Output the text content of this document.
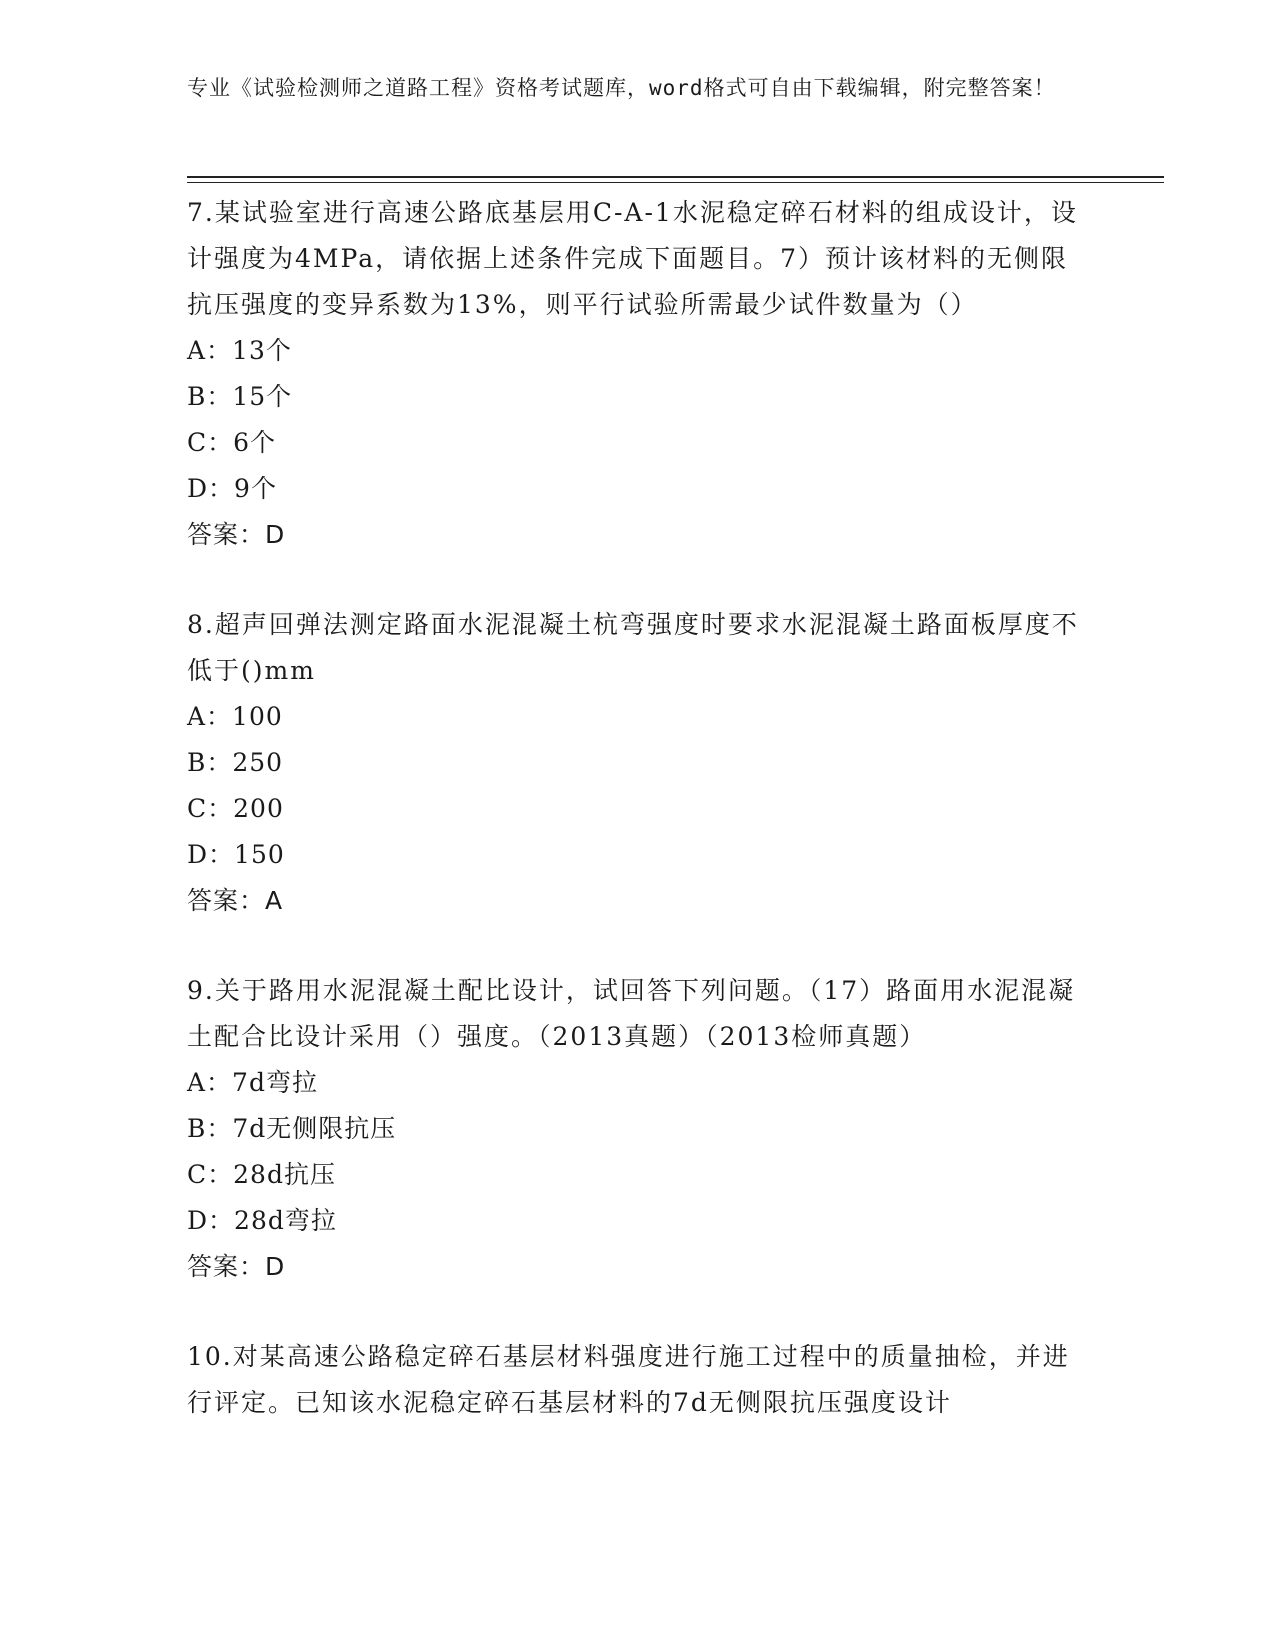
专业《试验检测师之道路工程》资格考试题库，word格式可自由下载编辑，附完整答案！

7.某试验室进行高速公路底基层用C-A-1水泥稳定碎石材料的组成设计，设计强度为4MPa，请依据上述条件完成下面题目。7）预计该材料的无侧限抗压强度的变异系数为13%，则平行试验所需最少试件数量为（）

A：13个

B：15个

C：6个

D：9个

答案：D

8.超声回弹法测定路面水泥混凝土杭弯强度时要求水泥混凝土路面板厚度不低于()mm

A：100

B：250

C：200

D：150

答案：A

9.关于路用水泥混凝土配比设计，试回答下列问题。（17）路面用水泥混凝土配合比设计采用（）强度。（2013真题）（2013检师真题）

A：7d弯拉

B：7d无侧限抗压

C：28d抗压

D：28d弯拉

答案：D

10.对某高速公路稳定碎石基层材料强度进行施工过程中的质量抽检，并进行评定。已知该水泥稳定碎石基层材料的7d无侧限抗压强度设计
